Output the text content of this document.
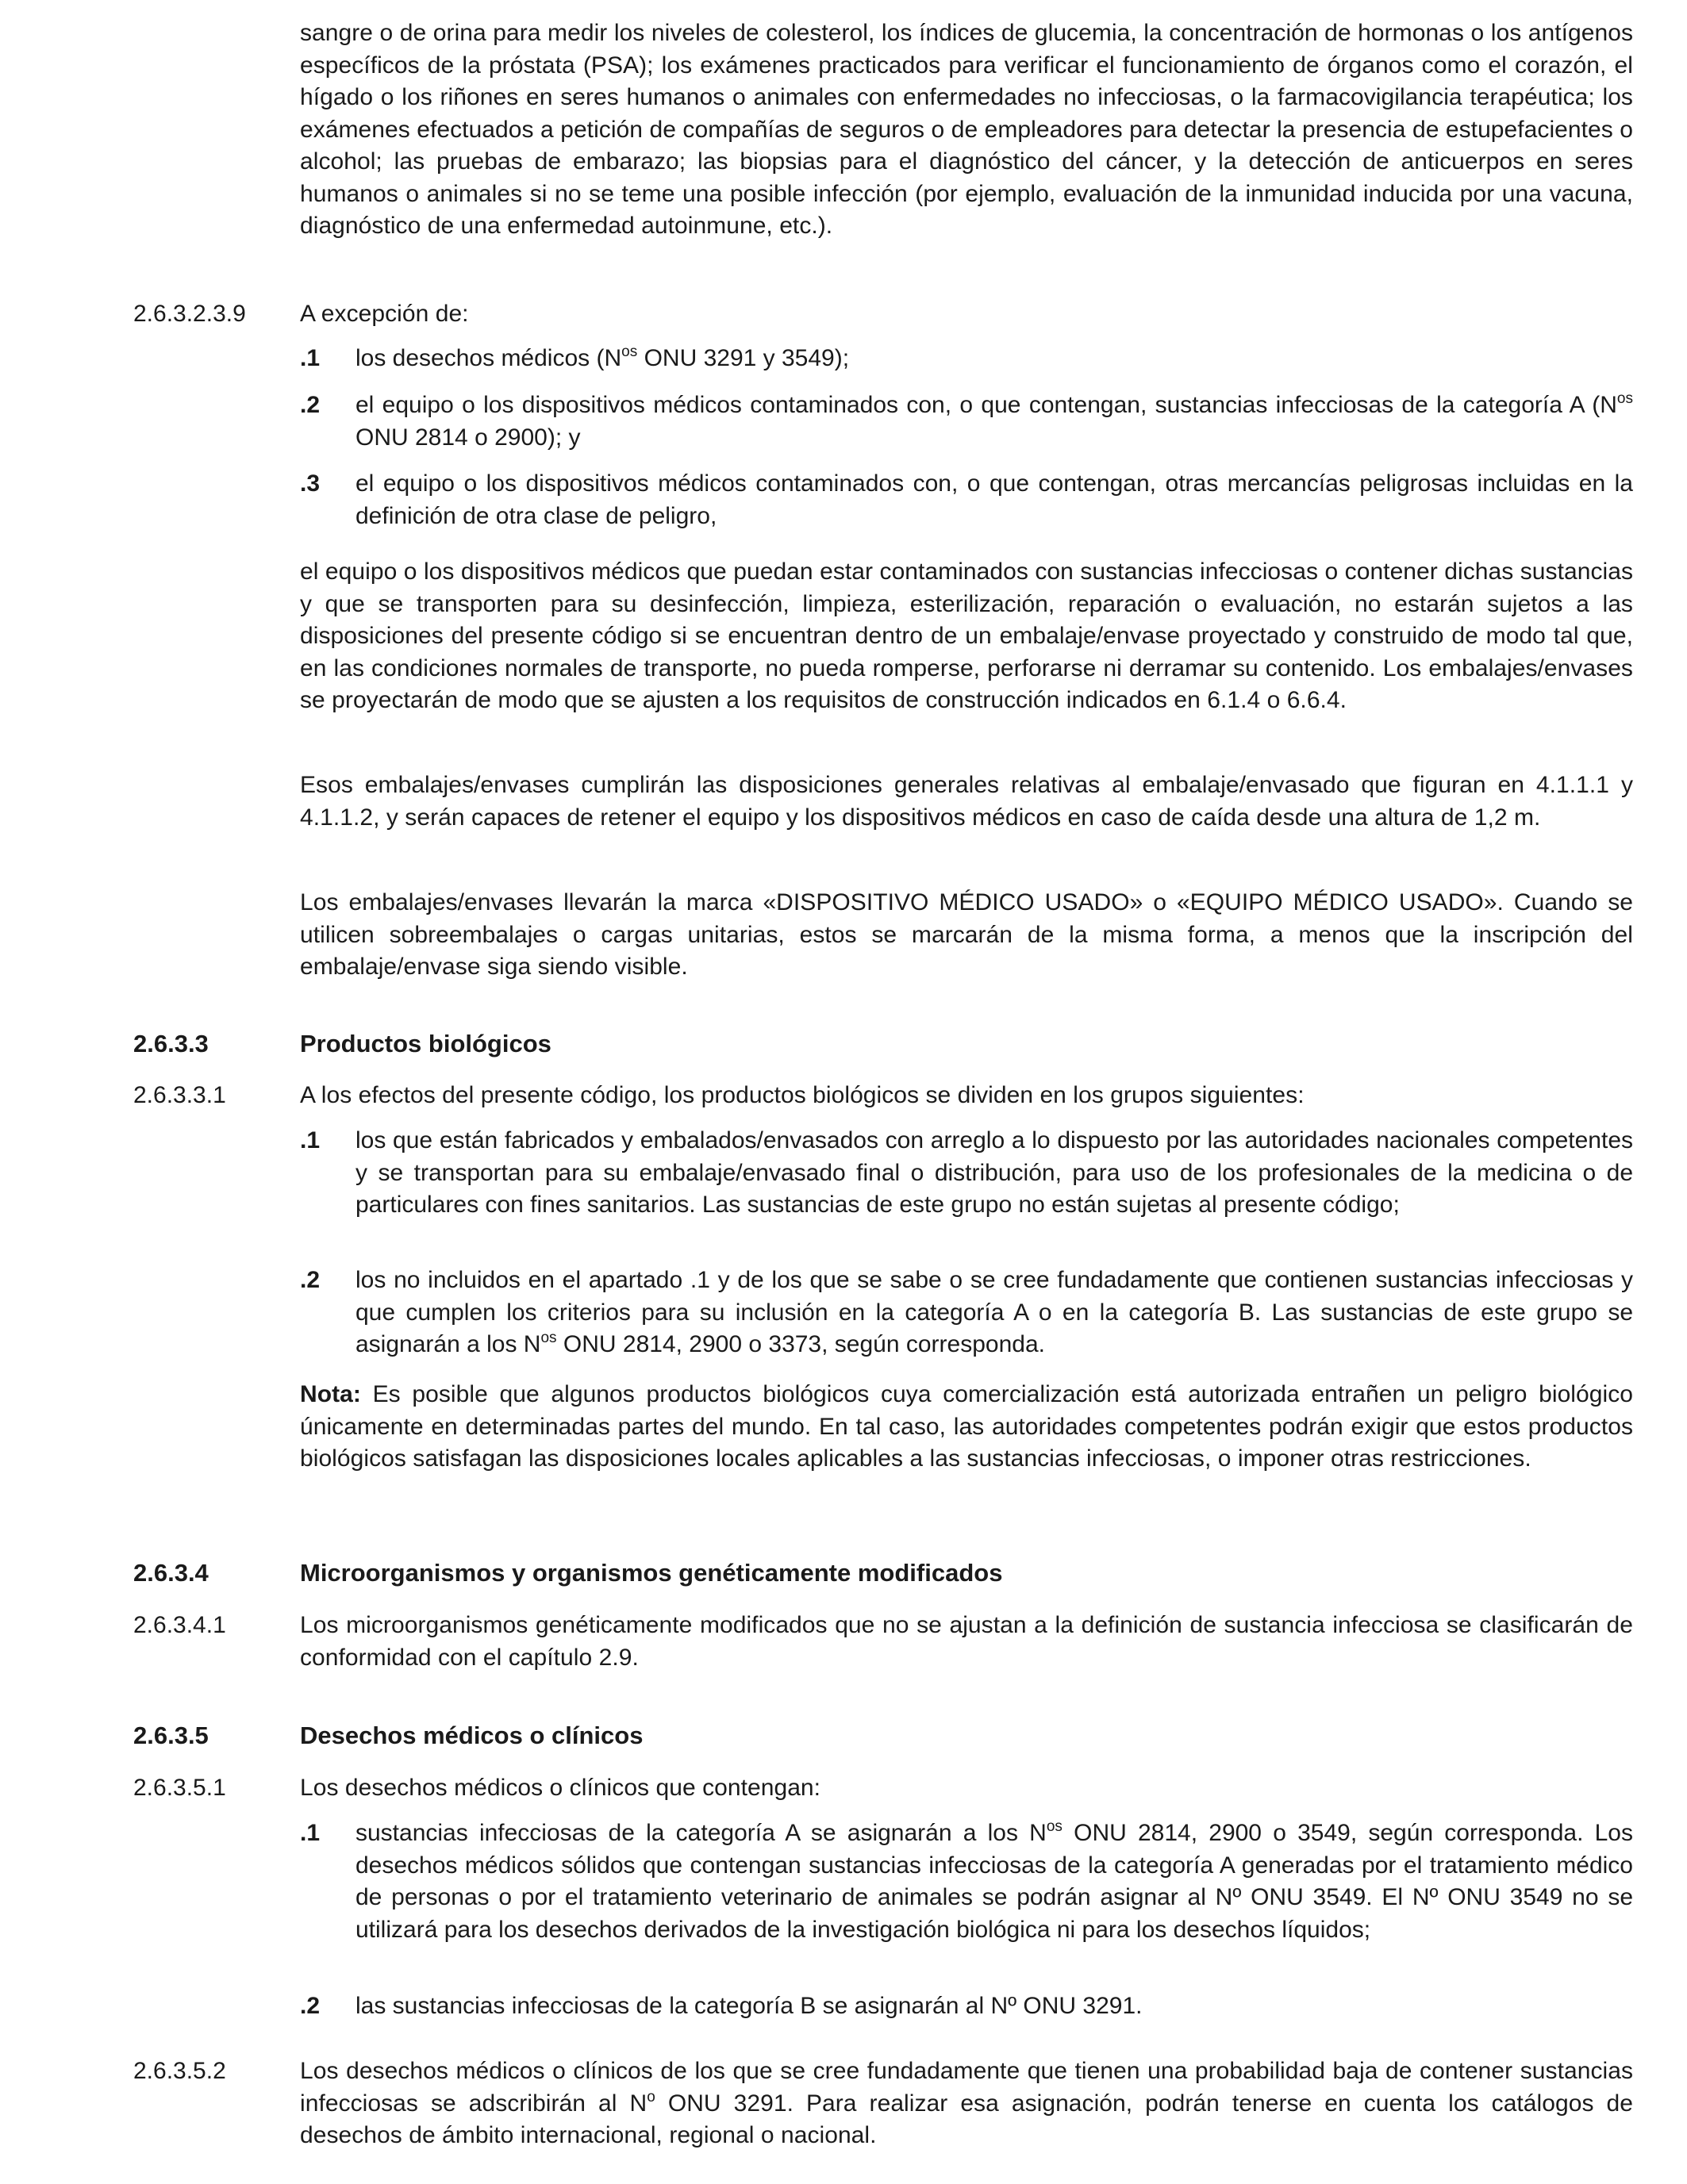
sangre o de orina para medir los niveles de colesterol, los índices de glucemia, la concentración de hormonas o los antígenos específicos de la próstata (PSA); los exámenes practicados para verificar el funcionamiento de órganos como el corazón, el hígado o los riñones en seres humanos o animales con enfermedades no infecciosas, o la farmacovigilancia terapéutica; los exámenes efectuados a petición de compañías de seguros o de empleadores para detectar la presencia de estupefacientes o alcohol; las pruebas de embarazo; las biopsias para el diagnóstico del cáncer, y la detección de anticuerpos en seres humanos o animales si no se teme una posible infección (por ejemplo, evaluación de la inmunidad inducida por una vacuna, diagnóstico de una enfermedad autoinmune, etc.).

2.6.3.2.3.9 A excepción de:

.1	los desechos médicos ($N^{os}$ ONU 3291 y 3549);
.2	el equipo o los dispositivos médicos contaminados con, o que contengan, sustancias infecciosas de la categoría A ($N^{os}$ ONU 2814 o 2900); y
.3	el equipo o los dispositivos médicos contaminados con, o que contengan, otras mercancías peligrosas incluidas en la definición de otra clase de peligro,

el equipo o los dispositivos médicos que puedan estar contaminados con sustancias infecciosas o contener dichas sustancias y que se transporten para su desinfección, limpieza, esterilización, reparación o evaluación, no estarán sujetos a las disposiciones del presente código si se encuentran dentro de un embalaje/envase proyectado y construido de modo tal que, en las condiciones normales de transporte, no pueda romperse, perforarse ni derramar su contenido. Los embalajes/envases se proyectarán de modo que se ajusten a los requisitos de construcción indicados en 6.1.4 o 6.6.4.

Esos embalajes/envases cumplirán las disposiciones generales relativas al embalaje/envasado que figuran en 4.1.1.1 y 4.1.1.2, y serán capaces de retener el equipo y los dispositivos médicos en caso de caída desde una altura de 1,2 m.

Los embalajes/envases llevarán la marca «DISPOSITIVO MÉDICO USADO» o «EQUIPO MÉDICO USADO». Cuando se utilicen sobreembalajes o cargas unitarias, estos se marcarán de la misma forma, a menos que la inscripción del embalaje/envase siga siendo visible.

2.6.3.3	Productos biológicos
2.6.3.3.1	A los efectos del presente código, los productos biológicos se dividen en los grupos siguientes:

.1	los que están fabricados y embalados/envasados con arreglo a lo dispuesto por las autoridades nacionales competentes y se transportan para su embalaje/envasado final o distribución, para uso de los profesionales de la medicina o de particulares con fines sanitarios. Las sustancias de este grupo no están sujetas al presente código;
.2	los no incluidos en el apartado .1 y de los que se sabe o se cree fundadamente que contienen sustancias infecciosas y que cumplen los criterios para su inclusión en la categoría A o en la categoría B. Las sustancias de este grupo se asignarán a los $N^{os}$ ONU 2814, 2900 o 3373, según corresponda.

Nota: Es posible que algunos productos biológicos cuya comercialización está autorizada entrañen un peligro biológico únicamente en determinadas partes del mundo. En tal caso, las autoridades competentes podrán exigir que estos productos biológicos satisfagan las disposiciones locales aplicables a las sustancias infecciosas, o imponer otras restricciones.

2.6.3.4	Microorganismos y organismos genéticamente modificados
2.6.3.4.1	Los microorganismos genéticamente modificados que no se ajustan a la definición de sustancia infecciosa se clasificarán de conformidad con el capítulo 2.9.

2.6.3.5	Desechos médicos o clínicos
2.6.3.5.1	Los desechos médicos o clínicos que contengan:

.1	sustancias infecciosas de la categoría A se asignarán a los $N^{os}$ ONU 2814, 2900 o 3549, según corresponda. Los desechos médicos sólidos que contengan sustancias infecciosas de la categoría A generadas por el tratamiento médico de personas o por el tratamiento veterinario de animales se podrán asignar al Nº ONU 3549. El Nº ONU 3549 no se utilizará para los desechos derivados de la investigación biológica ni para los desechos líquidos;
.2	las sustancias infecciosas de la categoría B se asignarán al Nº ONU 3291.
2.6.3.5.2	Los desechos médicos o clínicos de los que se cree fundadamente que tienen una probabilidad baja de contener sustancias infecciosas se adscribirán al $N^o$ ONU 3291. Para realizar esa asignación, podrán tenerse en cuenta los catálogos de desechos de ámbito internacional, regional o nacional.
